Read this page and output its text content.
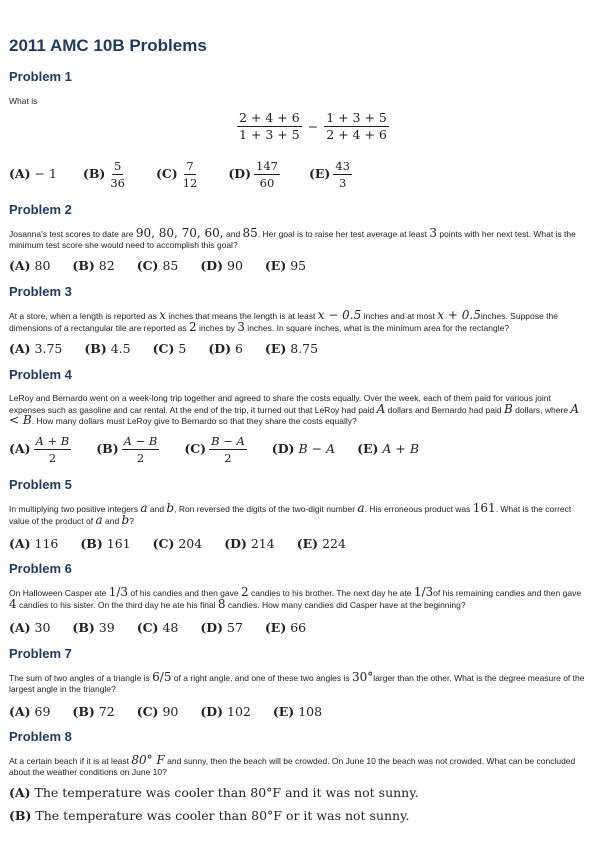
2011 AMC 10B Problems
Problem 1
What is
$\frac{2 + 4 + 6}{1 + 3 + 5} - \frac{1 + 3 + 5}{2 + 4 + 6}$
(A) − 1 $(B) \frac{5}{36} (C) \frac{7}{12} (D) \frac{147}{60} (E) \frac{43}{3}$
Problem 2
Josanna's test scores to date are 90, 80, 70, 60, and 85. Her goal is to raise her test average at least 3 points with her next test. What is the minimum test score she would need to accomplish this goal?
(A) 80 (B) 82 (C) 85 (D) 90 (E) 95
Problem 3
At a store, when a length is reported as x inches that means the length is at least x − 0.5 inches and at most x + 0.5inches. Suppose the dimensions of a rectangular tile are reported as 2 inches by 3 inches. In square inches, what is the minimum area for the rectangle?
(A) 3.75 (B) 4.5 (C) 5 (D) 6 (E) 8.75
Problem 4
LeRoy and Bernardo went on a week-long trip together and agreed to share the costs equally. Over the week, each of them paid for various joint expenses such as gasoline and car rental. At the end of the trip, it turned out that LeRoy had paid A dollars and Bernardo had paid B dollars, where A < B. How many dollars must LeRoy give to Bernardo so that they share the costs equally?
$(A) \frac{A + B}{2} (B) \frac{A - B}{2} (C) \frac{B - A}{2} (D) B - A$ (E) A + B
Problem 5
In multiplying two positive integers a and b, Ron reversed the digits of the two-digit number a. His erroneous product was 161. What is the correct value of the product of a and b?
(A) 116 (B) 161 (C) 204 (D) 214 (E) 224
Problem 6
On Halloween Casper ate 1/3 of his candies and then gave 2 candies to his brother. The next day he ate 1/3of his remaining candies and then gave 4 candies to his sister. On the third day he ate his final 8 candies. How many candies did Casper have at the beginning?
(A) 30 (B) 39 (C) 48 (D) 57 (E) 66
Problem 7
The sum of two angles of a triangle is 6/5 of a right angle, and one of these two angles is 30°larger than the other. What is the degree measure of the largest angle in the triangle?
(A) 69 (B) 72 (C) 90 (D) 102 (E) 108
Problem 8
At a certain beach if it is at least 80° F and sunny, then the beach will be crowded. On June 10 the beach was not crowded. What can be concluded about the weather conditions on June 10?
(A) The temperature was cooler than 80°F and it was not sunny.
(B) The temperature was cooler than 80°F or it was not sunny.
